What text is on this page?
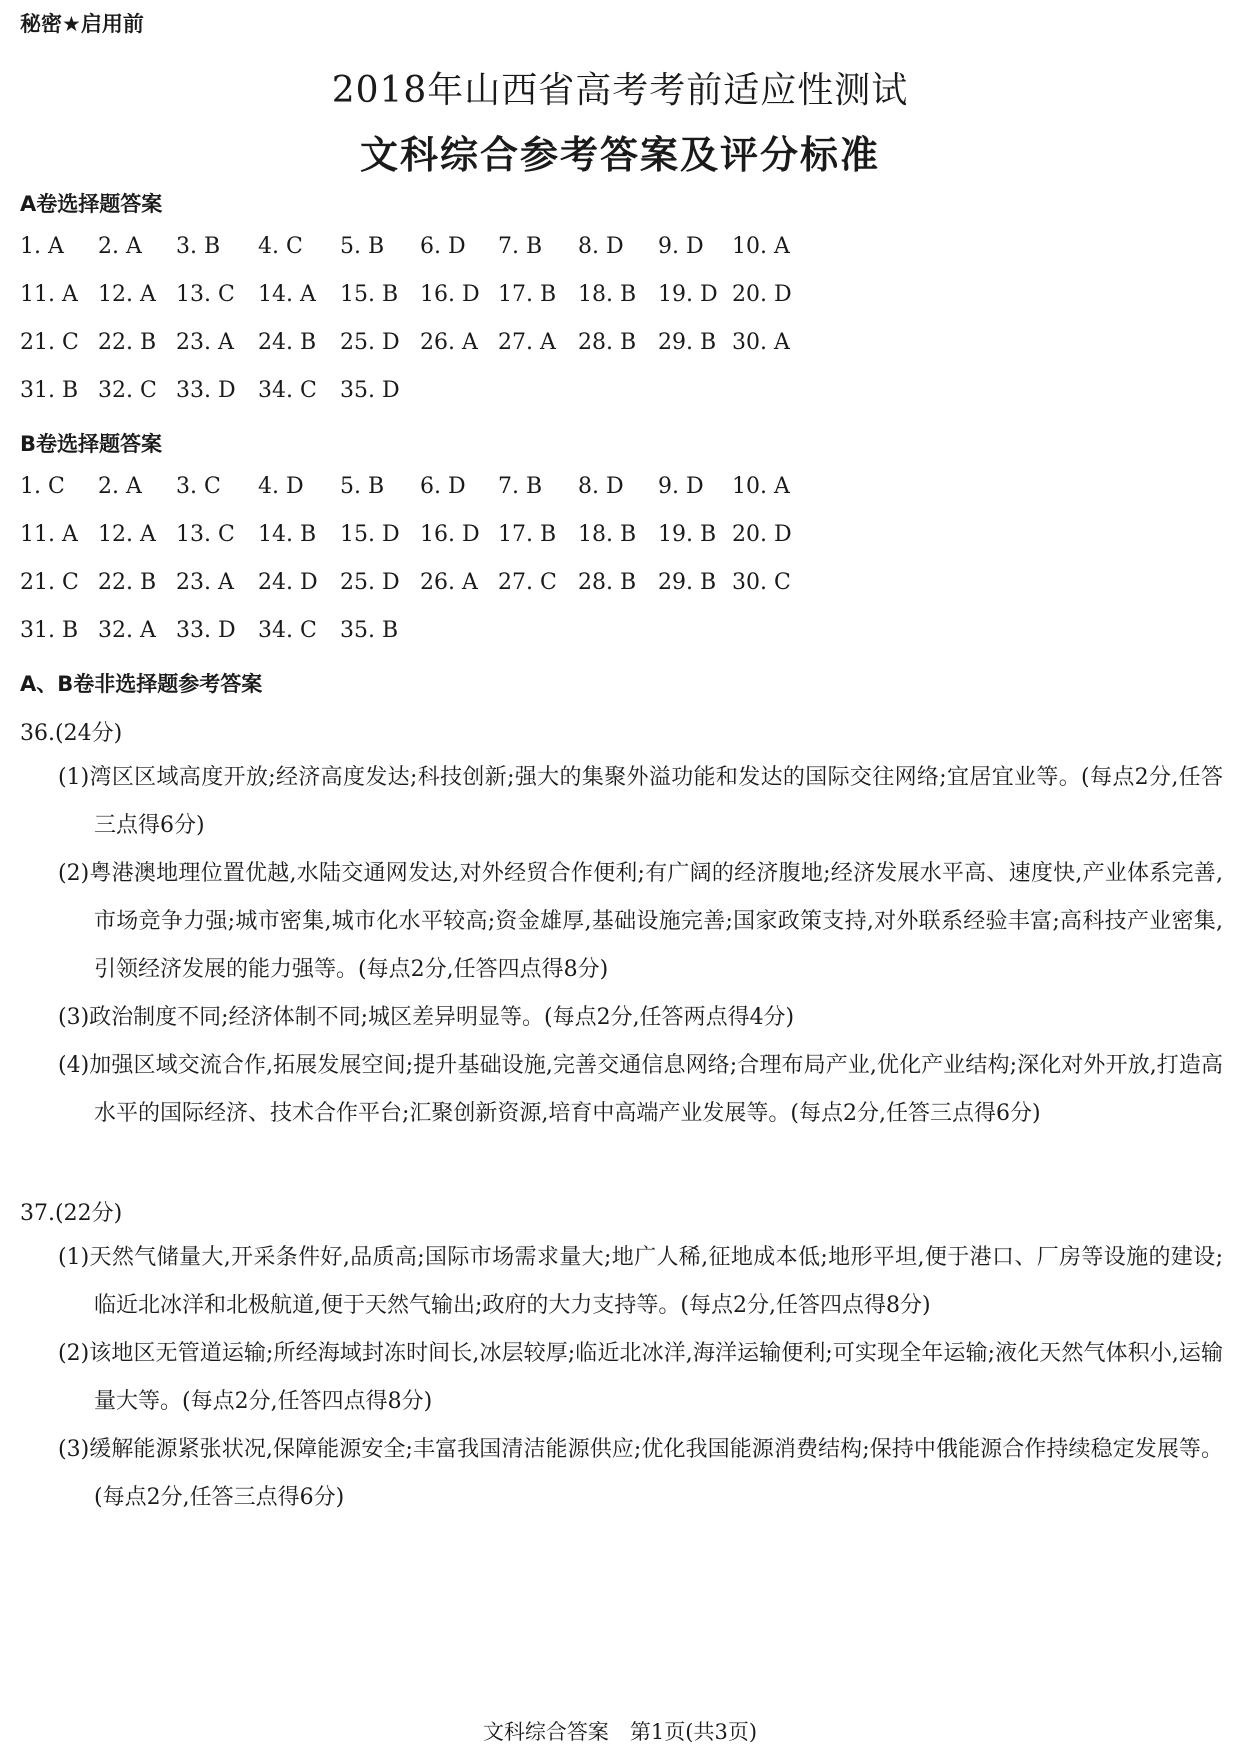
秘密★启用前
2018年山西省高考考前适应性测试
文科综合参考答案及评分标准
A卷选择题答案
1. A 2. A 3. B 4. C 5. B 6. D 7. B 8. D 9. D 10. A
11. A 12. A 13. C 14. A 15. B 16. D 17. B 18. B 19. D 20. D
21. C 22. B 23. A 24. B 25. D 26. A 27. A 28. B 29. B 30. A
31. B 32. C 33. D 34. C 35. D
B卷选择题答案
1. C 2. A 3. C 4. D 5. B 6. D 7. B 8. D 9. D 10. A
11. A 12. A 13. C 14. B 15. D 16. D 17. B 18. B 19. B 20. D
21. C 22. B 23. A 24. D 25. D 26. A 27. C 28. B 29. B 30. C
31. B 32. A 33. D 34. C 35. B
A、B卷非选择题参考答案
36.(24分)
(1)湾区区域高度开放;经济高度发达;科技创新;强大的集聚外溢功能和发达的国际交往网络;宜居宜业等。(每点2分,任答三点得6分)
(2)粤港澳地理位置优越,水陆交通网发达,对外经贸合作便利;有广阔的经济腹地;经济发展水平高、速度快,产业体系完善,市场竞争力强;城市密集,城市化水平较高;资金雄厚,基础设施完善;国家政策支持,对外联系经验丰富;高科技产业密集,引领经济发展的能力强等。(每点2分,任答四点得8分)
(3)政治制度不同;经济体制不同;城区差异明显等。(每点2分,任答两点得4分)
(4)加强区域交流合作,拓展发展空间;提升基础设施,完善交通信息网络;合理布局产业,优化产业结构;深化对外开放,打造高水平的国际经济、技术合作平台;汇聚创新资源,培育中高端产业发展等。(每点2分,任答三点得6分)
37.(22分)
(1)天然气储量大,开采条件好,品质高;国际市场需求量大;地广人稀,征地成本低;地形平坦,便于港口、厂房等设施的建设;临近北冰洋和北极航道,便于天然气输出;政府的大力支持等。(每点2分,任答四点得8分)
(2)该地区无管道运输;所经海域封冻时间长,冰层较厚;临近北冰洋,海洋运输便利;可实现全年运输;液化天然气体积小,运输量大等。(每点2分,任答四点得8分)
(3)缓解能源紧张状况,保障能源安全;丰富我国清洁能源供应;优化我国能源消费结构;保持中俄能源合作持续稳定发展等。(每点2分,任答三点得6分)
文科综合答案　第1页(共3页)
